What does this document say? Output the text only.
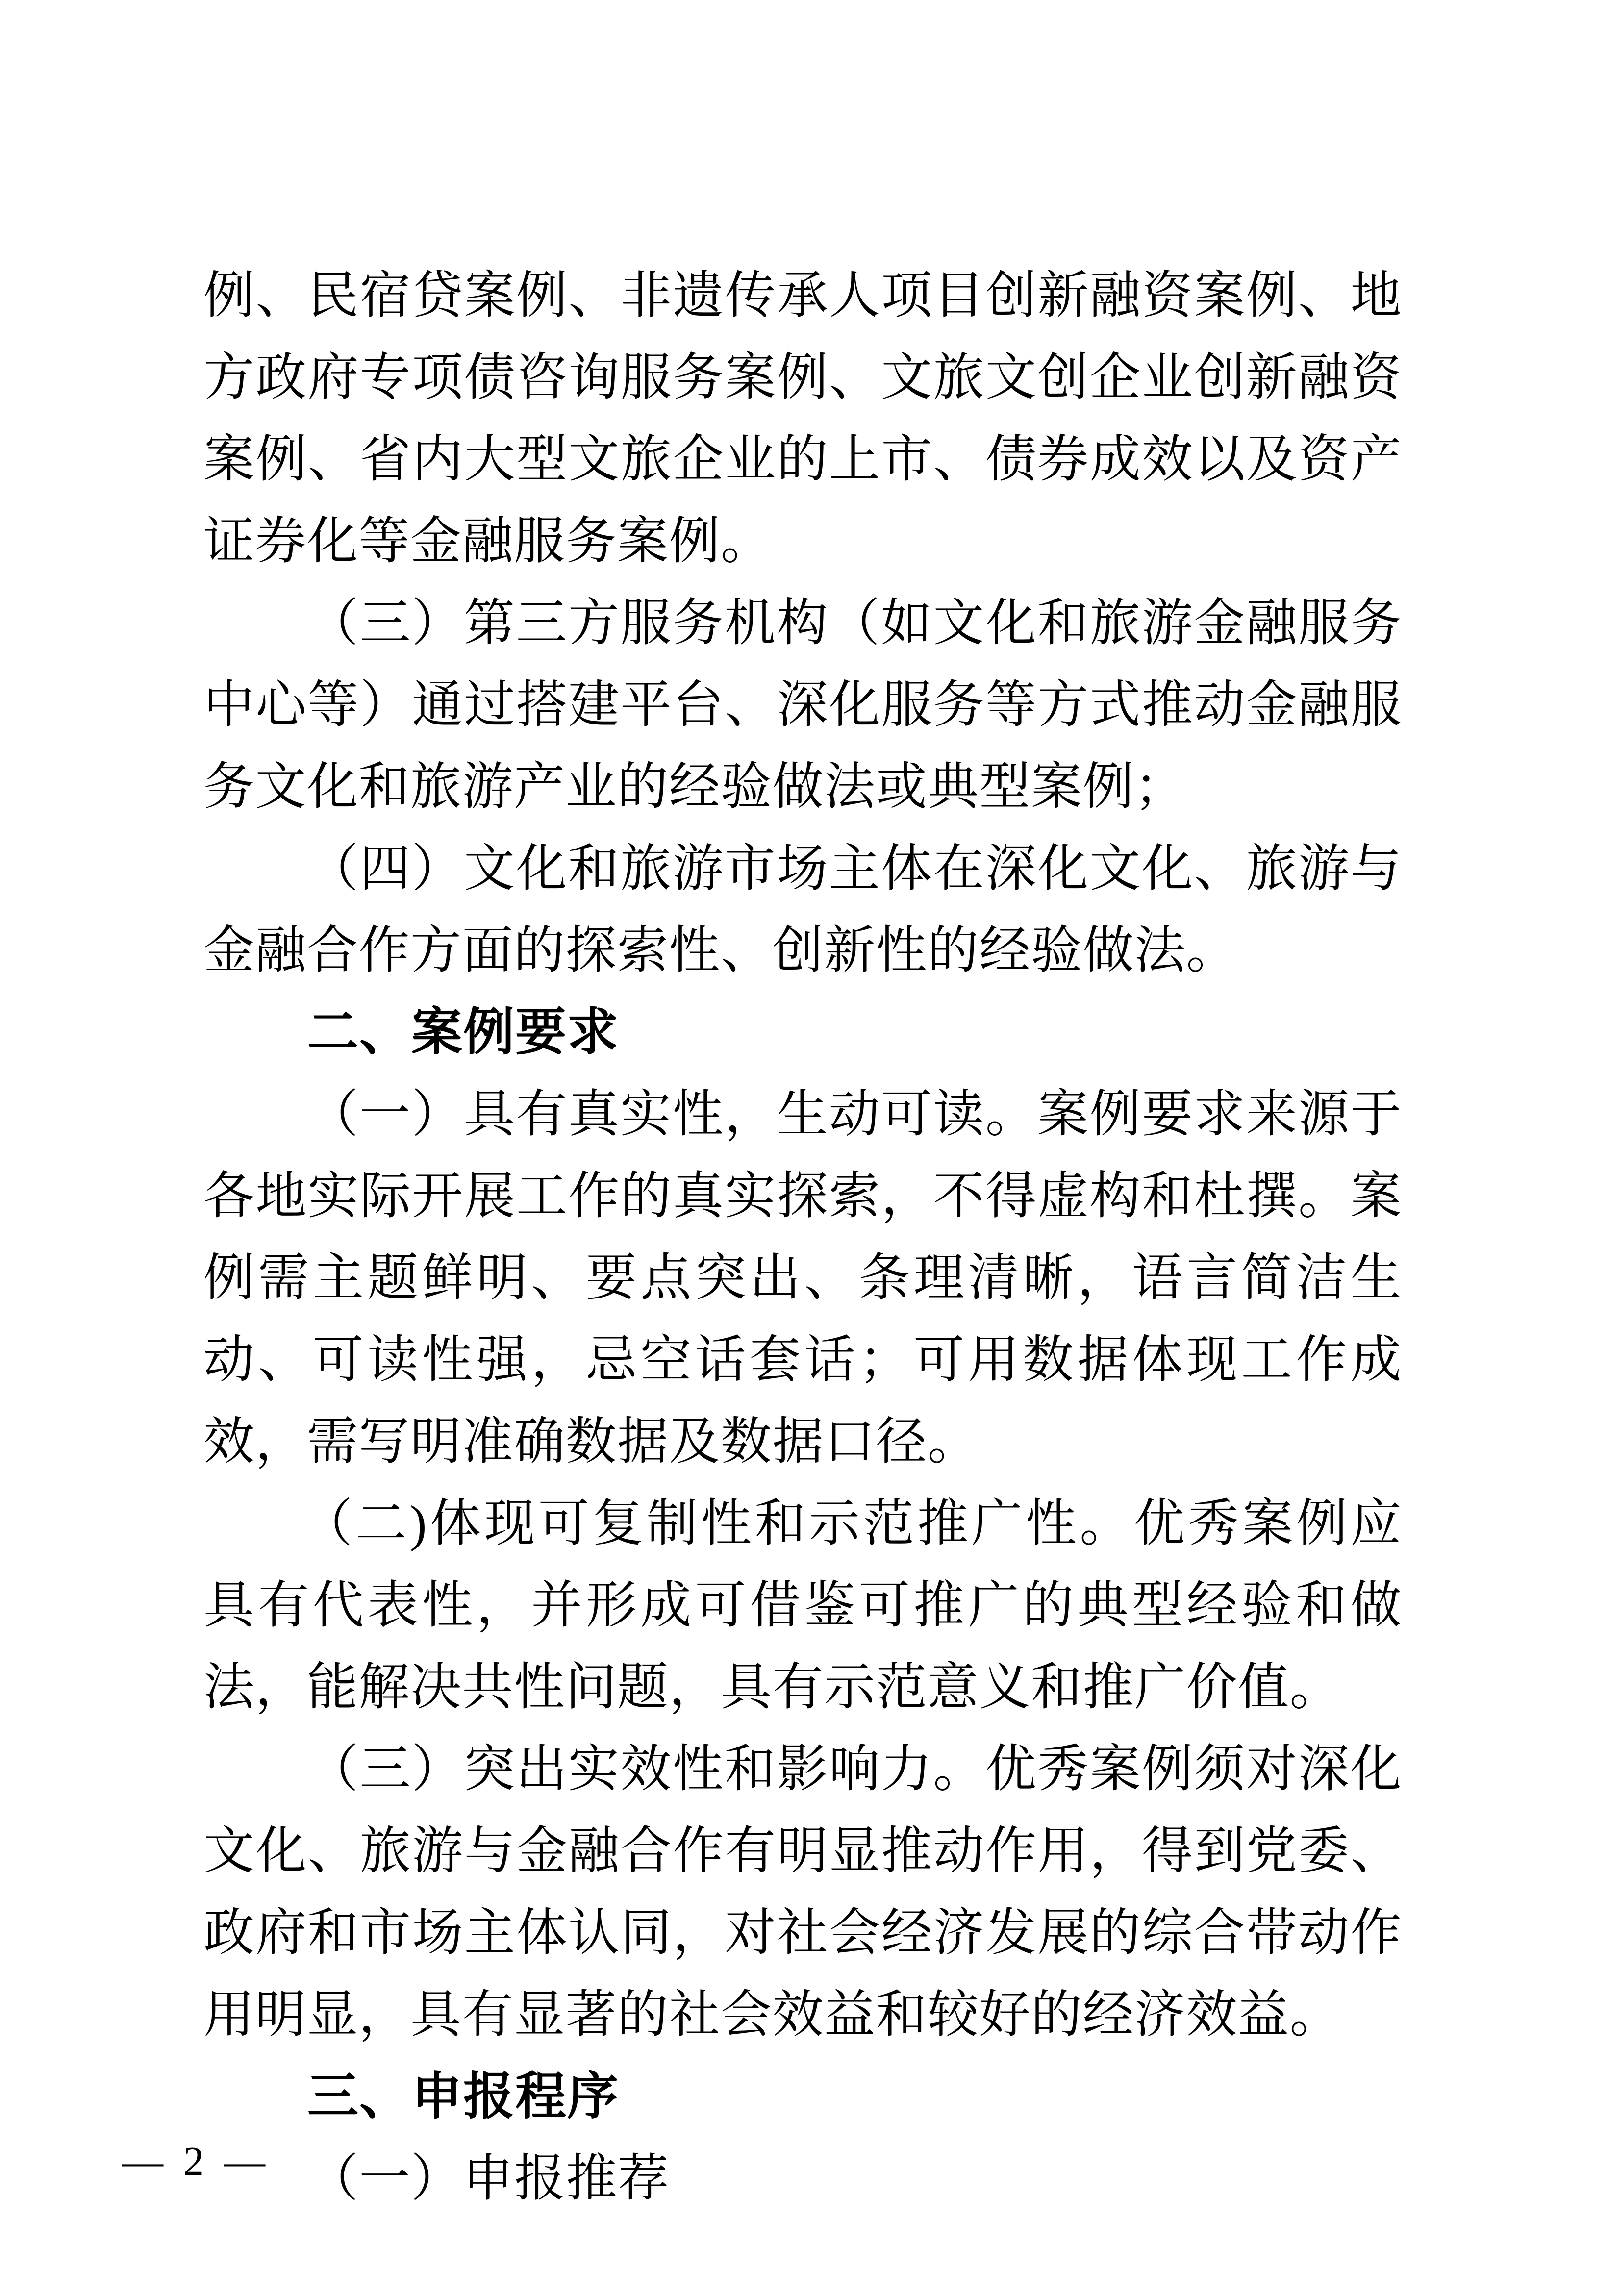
例、民宿贷案例、非遗传承人项目创新融资案例、地方政府专项债咨询服务案例、文旅文创企业创新融资案例、省内大型文旅企业的上市、债券成效以及资产证券化等金融服务案例。

（三）第三方服务机构（如文化和旅游金融服务中心等）通过搭建平台、深化服务等方式推动金融服务文化和旅游产业的经验做法或典型案例；

（四）文化和旅游市场主体在深化文化、旅游与金融合作方面的探索性、创新性的经验做法。

二、案例要求

（一）具有真实性，生动可读。案例要求来源于各地实际开展工作的真实探索，不得虚构和杜撰。案例需主题鲜明、要点突出、条理清晰，语言简洁生动、可读性强，忌空话套话；可用数据体现工作成效，需写明准确数据及数据口径。

（二)体现可复制性和示范推广性。优秀案例应具有代表性，并形成可借鉴可推广的典型经验和做法，能解决共性问题，具有示范意义和推广价值。

（三）突出实效性和影响力。优秀案例须对深化文化、旅游与金融合作有明显推动作用，得到党委、政府和市场主体认同，对社会经济发展的综合带动作用明显，具有显著的社会效益和较好的经济效益。

三、申报程序

（一）申报推荐

— 2 —
